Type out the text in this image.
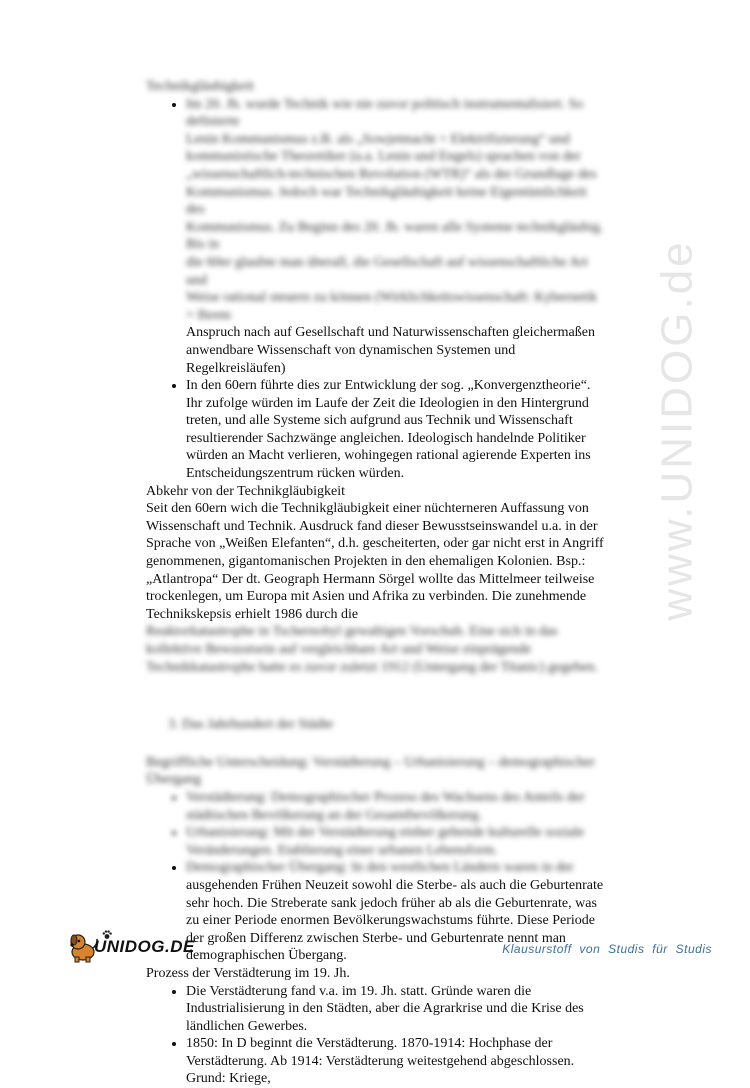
www.UNIDOG.de

Technikgläubigkeit

• Im 20. Jh. wurde Technik wie nie zuvor politisch instrumentalisiert. So definierte
Lenin Kommunismus z.B. als „Sowjetmacht + Elektrifizierung“ und
kommunistische Theoretiker (u.a. Lenin und Engels) sprachen von der
„wissenschaftlich-technischen Revolution (WTR)“ als der Grundlage des
Kommunismus. Jedoch war Technikgläubigkeit keine Eigentümlichkeit des
Kommunismus. Zu Beginn des 20. Jh. waren alle Systeme technikgläubig. Bis in
die 60er glaubte man überall, die Gesellschaft auf wissenschaftliche Art und
Weise rational steuern zu können (Wirklichkeitswissenschaft: Kybernetik = Ihrem
Anspruch nach auf Gesellschaft und Naturwissenschaften gleichermaßen
anwendbare Wissenschaft von dynamischen Systemen und Regelkreisläufen)
• In den 60ern führte dies zur Entwicklung der sog. „Konvergenztheorie“. Ihr zufolge würden im Laufe der Zeit die Ideologien in den Hintergrund treten, und alle Systeme sich aufgrund aus Technik und Wissenschaft resultierender Sachzwänge angleichen. Ideologisch handelnde Politiker würden an Macht verlieren, wohingegen rational agierende Experten ins Entscheidungszentrum rücken würden.

Abkehr von der Technikgläubigkeit

Seit den 60ern wich die Technikgläubigkeit einer nüchterneren Auffassung von Wissenschaft und Technik. Ausdruck fand dieser Bewusstseinswandel u.a. in der Sprache von „Weißen Elefanten“, d.h. gescheiterten, oder gar nicht erst in Angriff genommenen, gigantomanischen Projekten in den ehemaligen Kolonien. Bsp.: „Atlantropa“ Der dt. Geograph Hermann Sörgel wollte das Mittelmeer teilweise trockenlegen, um Europa mit Asien und Afrika zu verbinden. Die zunehmende Technikskepsis erhielt 1986 durch die

Reaktorkatastrophe in Tschernobyl gewaltigen Vorschub. Eine sich in das kollektive Bewusstsein auf vergleichbare Art und Weise einprägende Technikkatastrophe hatte es zuvor zuletzt 1912 (Untergang der Titanic) gegeben.

3. Das Jahrhundert der Städte

Begriffliche Unterscheidung: Verstädterung – Urbanisierung – demographischer Übergang

• Verstädterung: Demographischer Prozess des Wachsens des Anteils der städtischen Bevölkerung an der Gesamtbevölkerung.
• Urbanisierung: Mit der Verstädterung einher gehende kulturelle soziale Veränderungen. Etablierung einer urbanen Lebensform.
• Demographischer Übergang: In den westlichen Ländern waren in der
ausgehenden Frühen Neuzeit sowohl die Sterbe- als auch die Geburtenrate sehr hoch. Die Streberate sank jedoch früher ab als die Geburtenrate, was zu einer Periode enormen Bevölkerungswachstums führte. Diese Periode der großen Differenz zwischen Sterbe- und Geburtenrate nennt man demographischen Übergang.

Prozess der Verstädterung im 19. Jh.

• Die Verstädterung fand v.a. im 19. Jh. statt. Gründe waren die Industrialisierung in den Städten, aber die Agrarkrise und die Krise des ländlichen Gewerbes.
• 1850: In D beginnt die Verstädterung. 1870-1914: Hochphase der Verstädterung. Ab 1914: Verstädterung weitestgehend abgeschlossen. Grund: Kriege,
UNIDOG.DE	Klausurstoff von Studis für Studis
